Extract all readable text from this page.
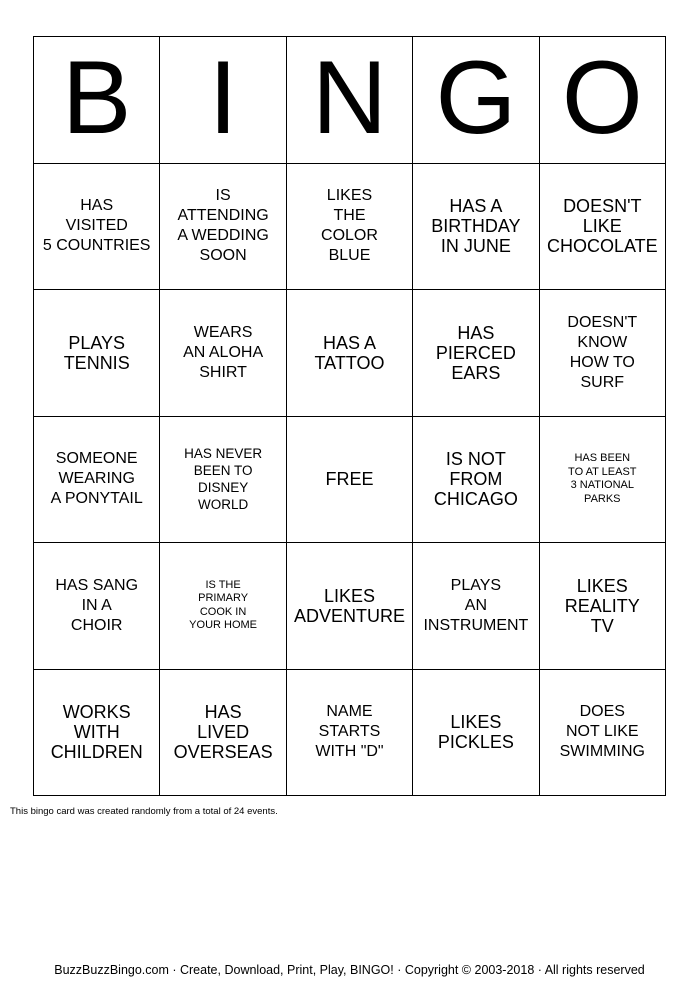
B I N G O
HAS
VISITED
5 COUNTRIES
IS
ATTENDING
A WEDDING
SOON
LIKES
THE
COLOR
BLUE
HAS A
BIRTHDAY
IN JUNE
DOESN'T
LIKE
CHOCOLATE
PLAYS
TENNIS
WEARS
AN ALOHA
SHIRT
HAS A
TATTOO
HAS
PIERCED
EARS
DOESN'T
KNOW
HOW TO
SURF
SOMEONE
WEARING
A PONYTAIL
HAS NEVER
BEEN TO
DISNEY
WORLD
FREE
IS NOT
FROM
CHICAGO
HAS BEEN
TO AT LEAST
3 NATIONAL
PARKS
HAS SANG
IN A
CHOIR
IS THE
PRIMARY
COOK IN
YOUR HOME
LIKES
ADVENTURE
PLAYS
AN
INSTRUMENT
LIKES
REALITY
TV
WORKS
WITH
CHILDREN
HAS
LIVED
OVERSEAS
NAME
STARTS
WITH "D"
LIKES
PICKLES
DOES
NOT LIKE
SWIMMING
This bingo card was created randomly from a total of 24 events.
BuzzBuzzBingo.com · Create, Download, Print, Play, BINGO! · Copyright © 2003-2018 · All rights reserved
